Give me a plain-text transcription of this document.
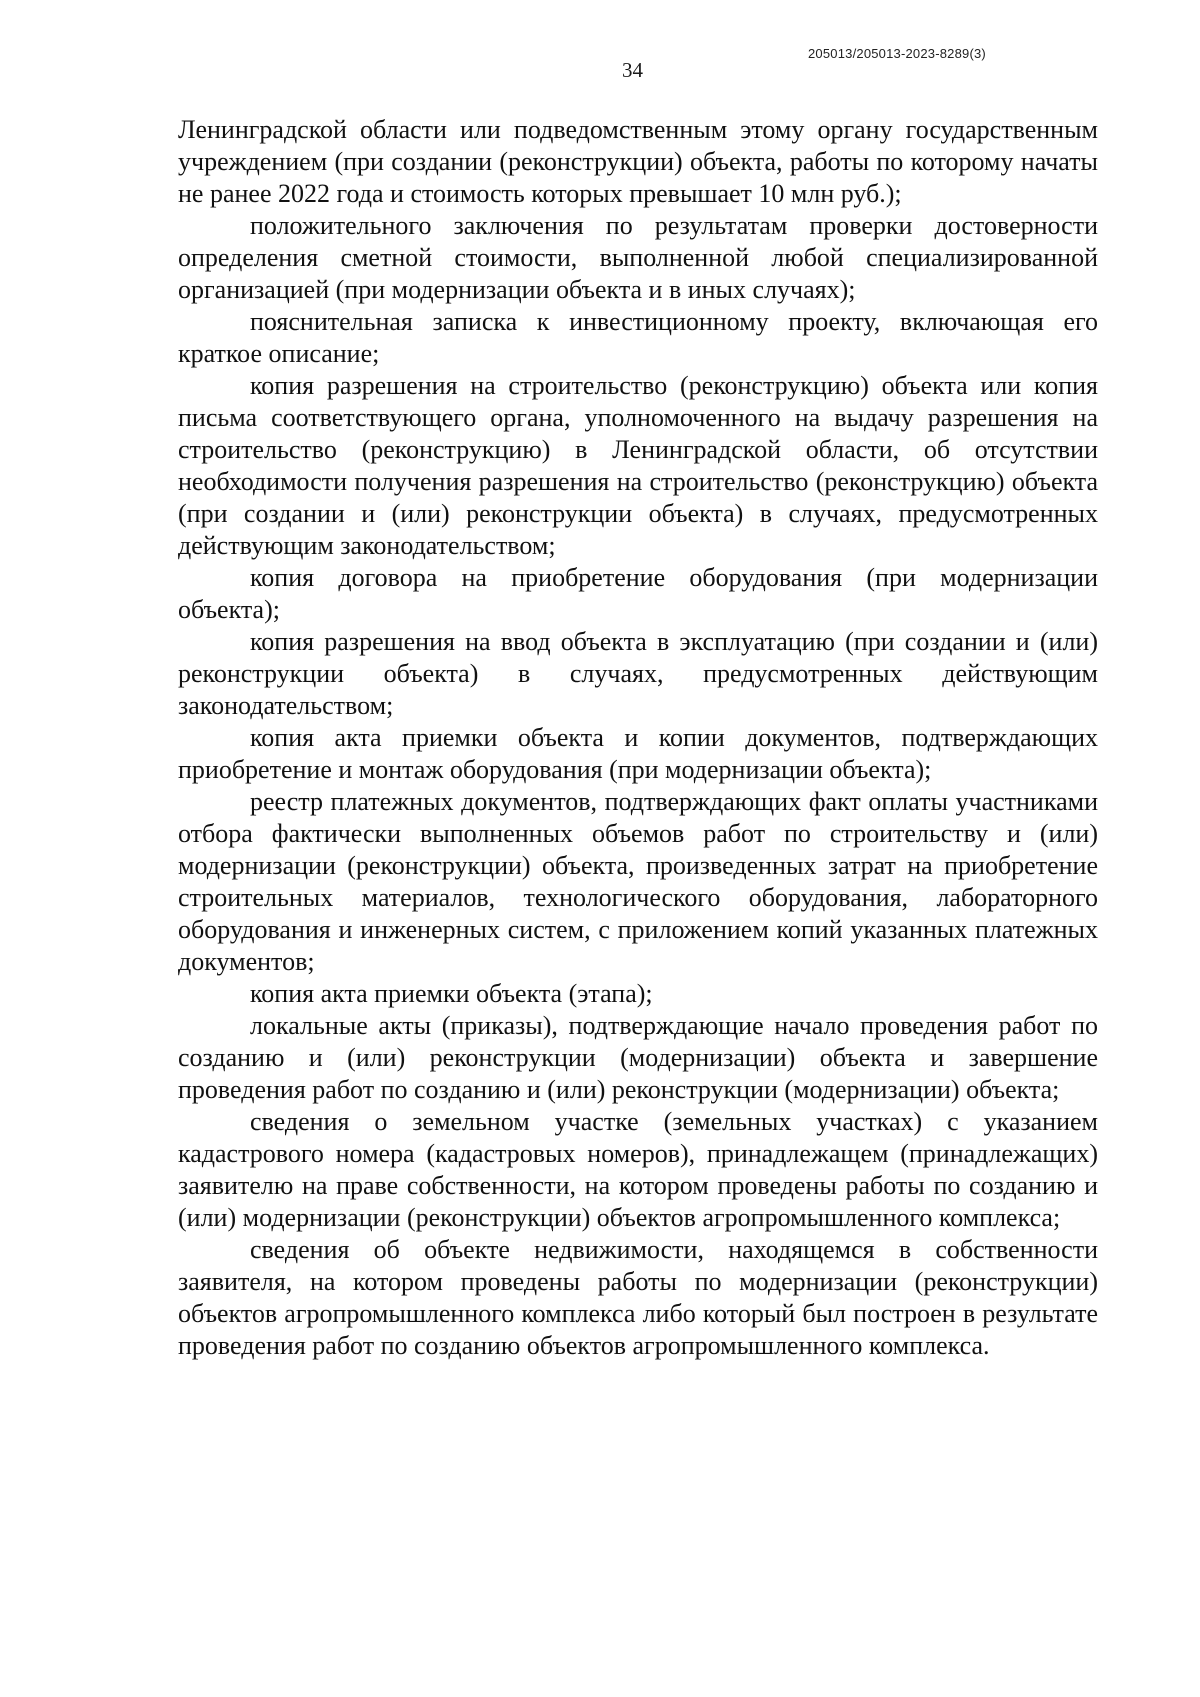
205013/205013-2023-8289(3)
34

Ленинградской области или подведомственным этому органу государственным учреждением (при создании (реконструкции) объекта, работы по которому начаты не ранее 2022 года и стоимость которых превышает 10 млн руб.);

положительного заключения по результатам проверки достоверности определения сметной стоимости, выполненной любой специализированной организацией (при модернизации объекта и в иных случаях);

пояснительная записка к инвестиционному проекту, включающая его краткое описание;

копия разрешения на строительство (реконструкцию) объекта или копия письма соответствующего органа, уполномоченного на выдачу разрешения на строительство (реконструкцию) в Ленинградской области, об отсутствии необходимости получения разрешения на строительство (реконструкцию) объекта (при создании и (или) реконструкции объекта) в случаях, предусмотренных действующим законодательством;

копия договора на приобретение оборудования (при модернизации объекта);

копия разрешения на ввод объекта в эксплуатацию (при создании и (или) реконструкции объекта) в случаях, предусмотренных действующим законодательством;

копия акта приемки объекта и копии документов, подтверждающих приобретение и монтаж оборудования (при модернизации объекта);

реестр платежных документов, подтверждающих факт оплаты участниками отбора фактически выполненных объемов работ по строительству и (или) модернизации (реконструкции) объекта, произведенных затрат на приобретение строительных материалов, технологического оборудования, лабораторного оборудования и инженерных систем, с приложением копий указанных платежных документов;

копия акта приемки объекта (этапа);

локальные акты (приказы), подтверждающие начало проведения работ по созданию и (или) реконструкции (модернизации) объекта и завершение проведения работ по созданию и (или) реконструкции (модернизации) объекта;

сведения о земельном участке (земельных участках) с указанием кадастрового номера (кадастровых номеров), принадлежащем (принадлежащих) заявителю на праве собственности, на котором проведены работы по созданию и (или) модернизации (реконструкции) объектов агропромышленного комплекса;

сведения об объекте недвижимости, находящемся в собственности заявителя, на котором проведены работы по модернизации (реконструкции) объектов агропромышленного комплекса либо который был построен в результате проведения работ по созданию объектов агропромышленного комплекса.
